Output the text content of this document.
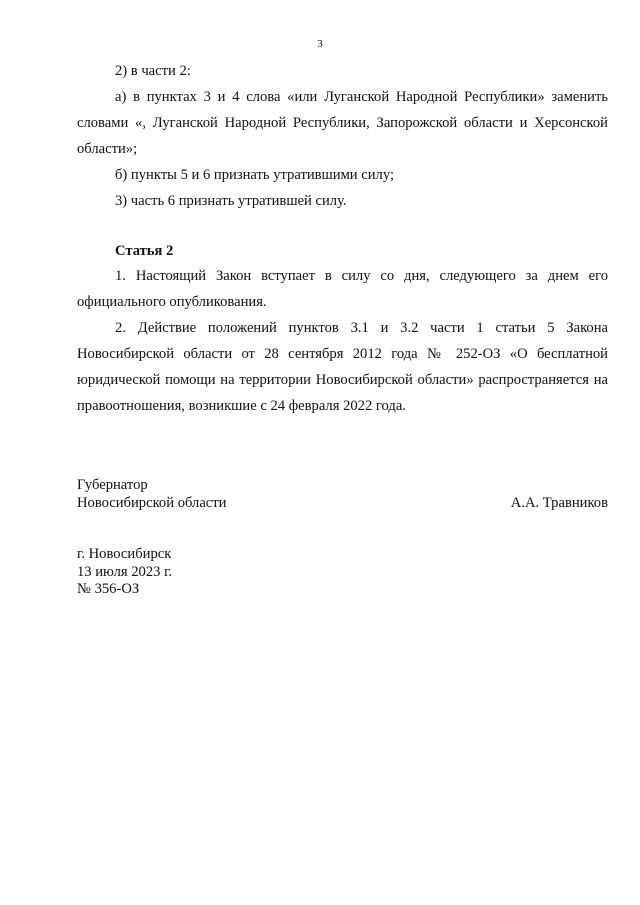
3

2) в части 2:

а) в пунктах 3 и 4 слова «или Луганской Народной Республики» заменить словами «, Луганской Народной Республики, Запорожской области и Херсонской области»;

б) пункты 5 и 6 признать утратившими силу;

3) часть 6 признать утратившей силу.

Статья 2

1. Настоящий Закон вступает в силу со дня, следующего за днем его официального опубликования.

2. Действие положений пунктов 3.1 и 3.2 части 1 статьи 5 Закона Новосибирской области от 28 сентября 2012 года № 252-ОЗ «О бесплатной юридической помощи на территории Новосибирской области» распространяется на правоотношения, возникшие с 24 февраля 2022 года.

Губернатор
Новосибирской области	А.А. Травников
г. Новосибирск
13 июля 2023 г.
№ 356-ОЗ
